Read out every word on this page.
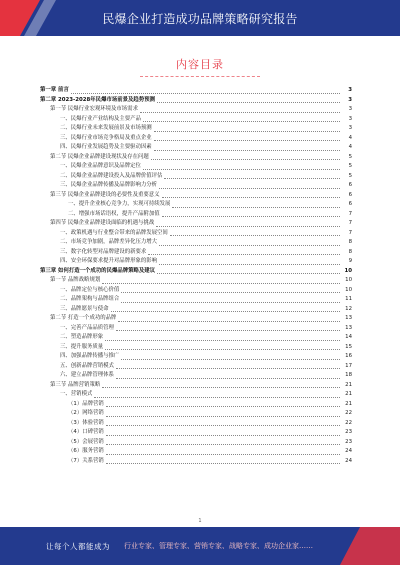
民爆企业打造成功品牌策略研究报告
内容目录
第一章 前言	3
第二章 2023-2028年民爆市场前景及趋势预测	3
第一节 民爆行业宏观环境及市场需求	3
一、民爆行业产业结构及主要产品	3
二、民爆行业未来发展前景及市场预测	3
三、民爆行业市场竞争格局及重点企业	4
四、民爆行业发展趋势及主要驱动因素	4
第二节 民爆企业品牌建设现状及存在问题	5
一、民爆企业品牌意识及品牌定位	5
二、民爆企业品牌建设投入及品牌价值评估	5
三、民爆企业品牌传播及品牌影响力分析	6
第三节 民爆企业品牌建设的必要性及重要意义	6
一、提升企业核心竞争力，实现可持续发展	6
二、增强市场话语权，提升产品附加值	7
第四节 民爆企业品牌建设面临的机遇与挑战	7
一、政策机遇与行业整合带来的品牌发展空间	7
二、市场竞争加剧，品牌差异化压力增大	8
三、数字化转型对品牌建设的新要求	8
四、安全环保要求提升对品牌形象的影响	9
第三章 如何打造一个成功的民爆品牌策略及建议	10
第一节 品牌战略规划	10
一、品牌定位与核心价值	10
二、品牌架构与品牌组合	11
三、品牌愿景与使命	12
第二节 打造一个成功的品牌	13
一、完善产品品质管理	13
二、塑造品牌形象	14
三、提升服务质量	15
四、加强品牌传播与推广	16
五、创新品牌营销模式	17
六、建立品牌管理体系	18
第三节 品牌营销策略	21
一、营销模式	21
（1）品牌营销	21
（2）网络营销	22
（3）体验营销	22
（4）口碑营销	23
（5）会展营销	23
（6）服务营销	24
（7）关系营销	24
1
让每个人都能成为 行业专家、管理专家、营销专家、战略专家、成功企业家……
